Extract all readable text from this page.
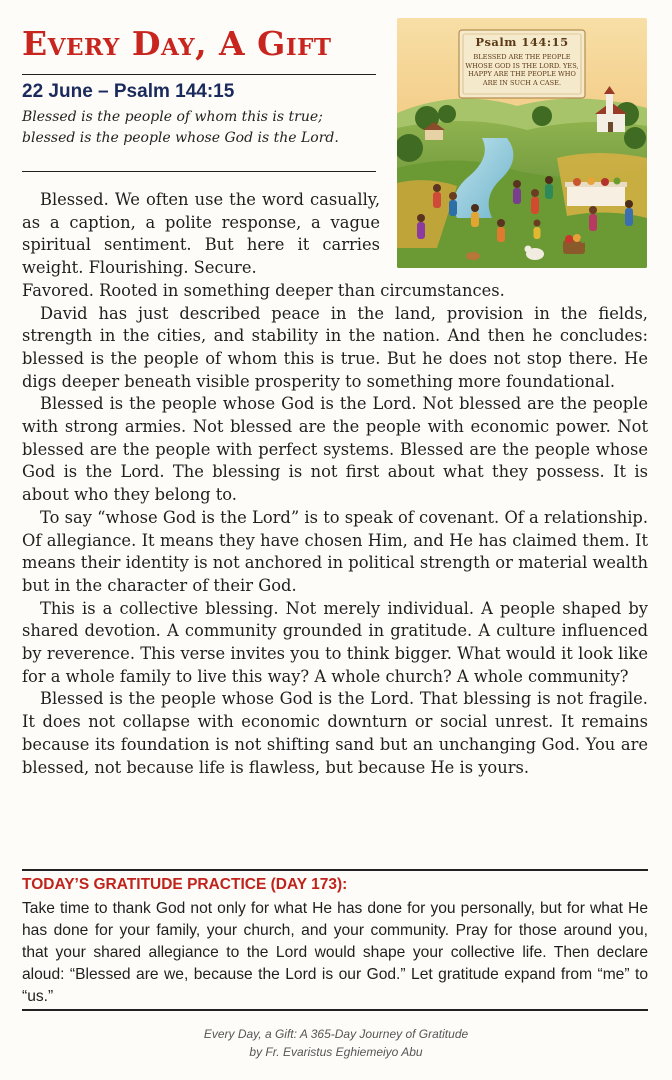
Every Day, A Gift
22 June – Psalm 144:15
Blessed is the people of whom this is true; blessed is the people whose God is the Lord.
Psalm 144:15
BLESSED ARE THE PEOPLE WHOSE GOD IS THE LORD. YES, HAPPY ARE THE PEOPLE WHO ARE IN SUCH A CASE.

Blessed. We often use the word casually, as a caption, a polite response, a vague spiritual sentiment. But here it carries weight. Flourishing. Secure.

Favored. Rooted in something deeper than circumstances.

David has just described peace in the land, provision in the fields, strength in the cities, and stability in the nation. And then he concludes: blessed is the people of whom this is true. But he does not stop there. He digs deeper beneath visible prosperity to something more foundational.

Blessed is the people whose God is the Lord. Not blessed are the people with strong armies. Not blessed are the people with economic power. Not blessed are the people with perfect systems. Blessed are the people whose God is the Lord. The blessing is not first about what they possess. It is about who they belong to.

To say “whose God is the Lord” is to speak of covenant. Of a relationship. Of allegiance. It means they have chosen Him, and He has claimed them. It means their identity is not anchored in political strength or material wealth but in the character of their God.

This is a collective blessing. Not merely individual. A people shaped by shared devotion. A community grounded in gratitude. A culture influenced by reverence. This verse invites you to think bigger. What would it look like for a whole family to live this way? A whole church? A whole community?

Blessed is the people whose God is the Lord. That blessing is not fragile. It does not collapse with economic downturn or social unrest. It remains because its foundation is not shifting sand but an unchanging God. You are blessed, not because life is flawless, but because He is yours.

TODAY’S GRATITUDE PRACTICE (DAY 173):
Take time to thank God not only for what He has done for you personally, but for what He has done for your family, your church, and your community. Pray for those around you, that your shared allegiance to the Lord would shape your collective life. Then declare aloud: “Blessed are we, because the Lord is our God.” Let gratitude expand from “me” to “us.”
Every Day, a Gift: A 365-Day Journey of Gratitude
by Fr. Evaristus Eghiemeiyo Abu
